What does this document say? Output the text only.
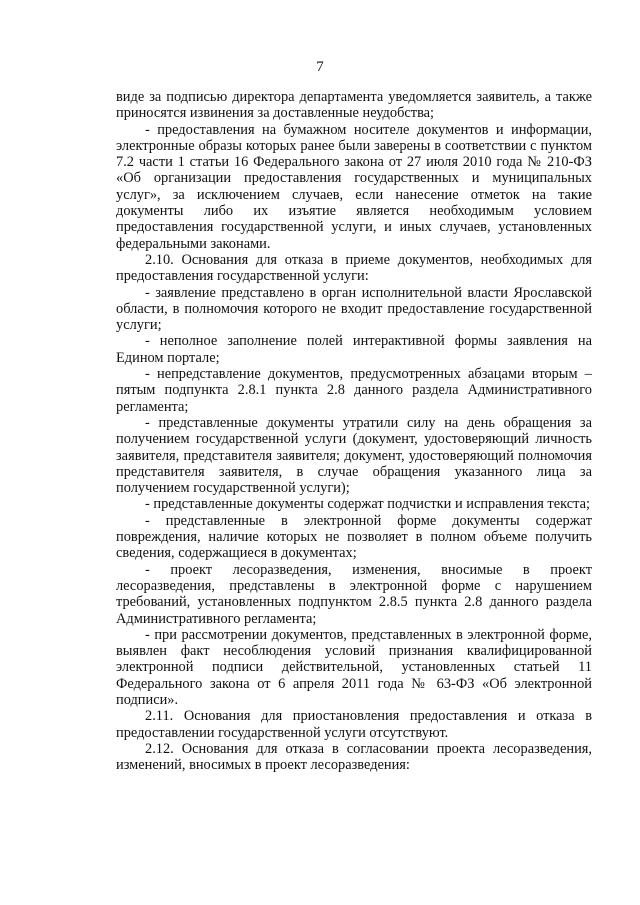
7

виде за подписью директора департамента уведомляется заявитель, а также приносятся извинения за доставленные неудобства;

- предоставления на бумажном носителе документов и информации, электронные образы которых ранее были заверены в соответствии с пунктом 7.2 части 1 статьи 16 Федерального закона от 27 июля 2010 года № 210-ФЗ «Об организации предоставления государственных и муниципальных услуг», за исключением случаев, если нанесение отметок на такие документы либо их изъятие является необходимым условием предоставления государственной услуги, и иных случаев, установленных федеральными законами.

2.10. Основания для отказа в приеме документов, необходимых для предоставления государственной услуги:

- заявление представлено в орган исполнительной власти Ярославской области, в полномочия которого не входит предоставление государственной услуги;

- неполное заполнение полей интерактивной формы заявления на Едином портале;

- непредставление документов, предусмотренных абзацами вторым – пятым подпункта 2.8.1 пункта 2.8 данного раздела Административного регламента;

- представленные документы утратили силу на день обращения за получением государственной услуги (документ, удостоверяющий личность заявителя, представителя заявителя; документ, удостоверяющий полномочия представителя заявителя, в случае обращения указанного лица за получением государственной услуги);

- представленные документы содержат подчистки и исправления текста;

- представленные в электронной форме документы содержат повреждения, наличие которых не позволяет в полном объеме получить сведения, содержащиеся в документах;

- проект лесоразведения, изменения, вносимые в проект лесоразведения, представлены в электронной форме с нарушением требований, установленных подпунктом 2.8.5 пункта 2.8 данного раздела Административного регламента;

- при рассмотрении документов, представленных в электронной форме, выявлен факт несоблюдения условий признания квалифицированной электронной подписи действительной, установленных статьей 11 Федерального закона от 6 апреля 2011 года № 63-ФЗ «Об электронной подписи».

2.11. Основания для приостановления предоставления и отказа в предоставлении государственной услуги отсутствуют.

2.12. Основания для отказа в согласовании проекта лесоразведения, изменений, вносимых в проект лесоразведения:
